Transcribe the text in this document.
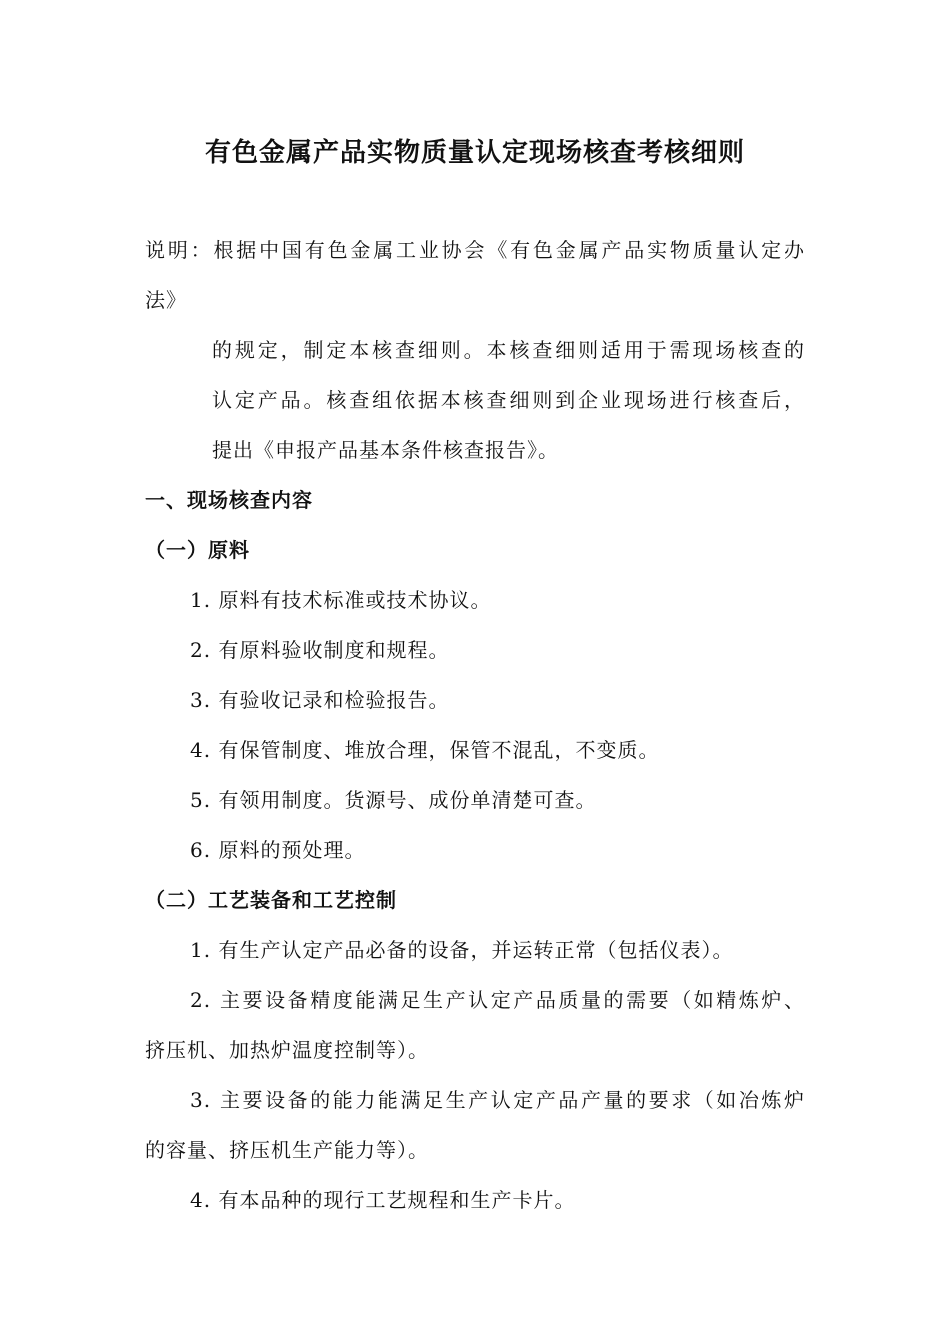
有色金属产品实物质量认定现场核查考核细则
说明：根据中国有色金属工业协会《有色金属产品实物质量认定办
法》
的规定，制定本核查细则。本核查细则适用于需现场核查的
认定产品。核查组依据本核查细则到企业现场进行核查后，
提出《申报产品基本条件核查报告》。
一、现场核查内容
（一）原料
1. 原料有技术标准或技术协议。
2. 有原料验收制度和规程。
3. 有验收记录和检验报告。
4. 有保管制度、堆放合理，保管不混乱，不变质。
5. 有领用制度。货源号、成份单清楚可查。
6. 原料的预处理。
（二）工艺装备和工艺控制
1. 有生产认定产品必备的设备，并运转正常（包括仪表）。
2. 主要设备精度能满足生产认定产品质量的需要（如精炼炉、
挤压机、加热炉温度控制等）。
3. 主要设备的能力能满足生产认定产品产量的要求（如冶炼炉
的容量、挤压机生产能力等）。
4. 有本品种的现行工艺规程和生产卡片。
